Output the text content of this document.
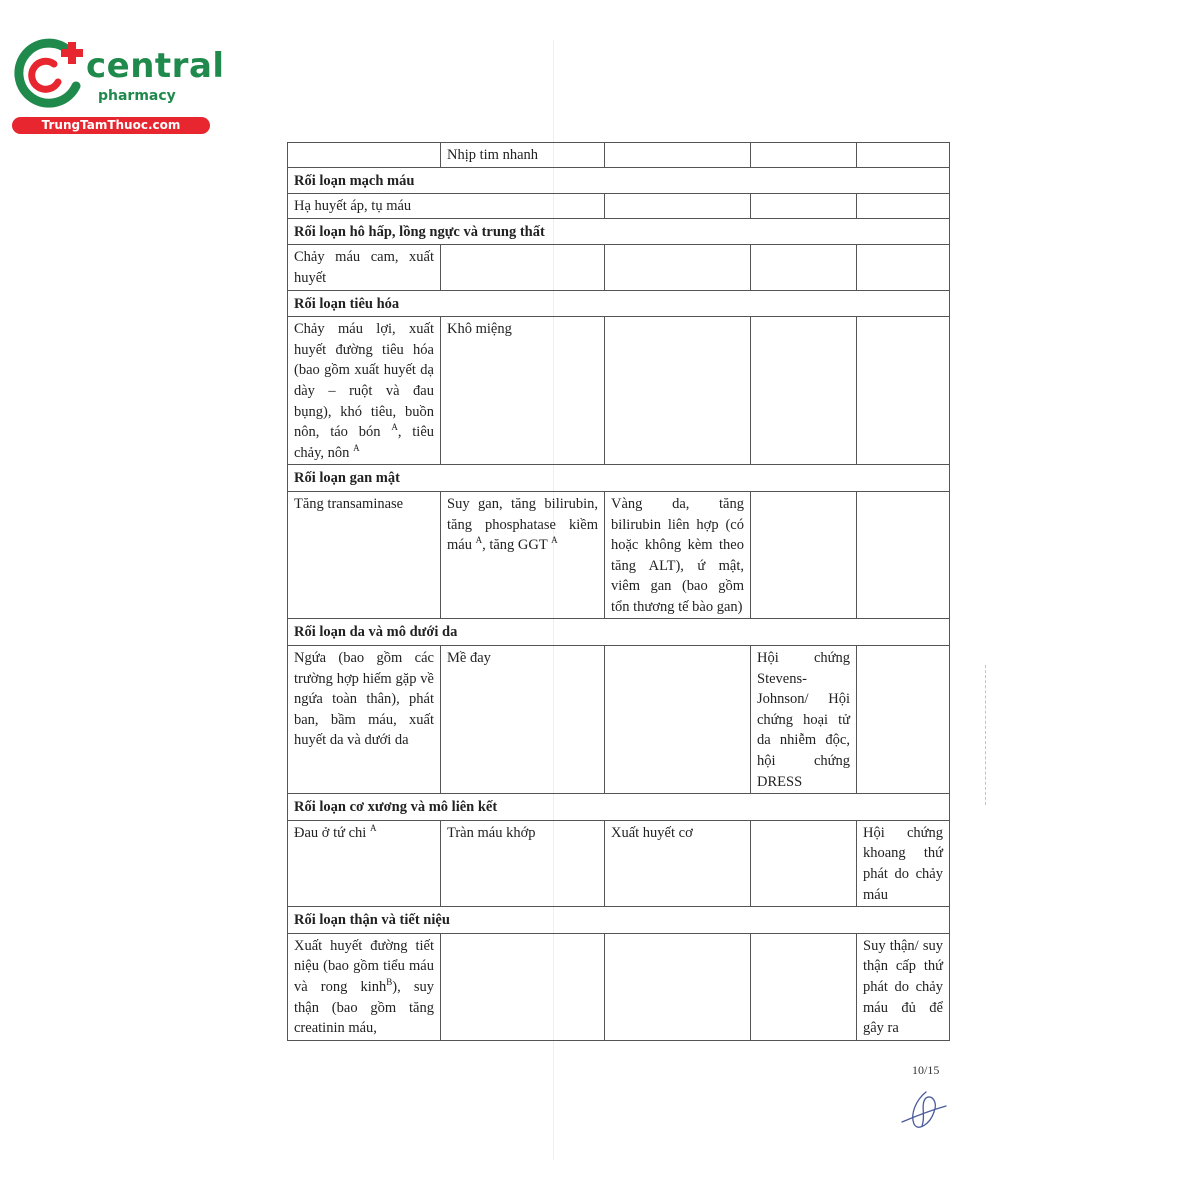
central
pharmacy
TrungTamThuoc.com
	Nhịp tim nhanh			
Rối loạn mạch máu				
Hạ huyết áp, tụ máu				
Rối loạn hô hấp, lồng ngực và trung thất				
Chảy máu cam, xuất huyết				
Rối loạn tiêu hóa				
Chảy máu lợi, xuất huyết đường tiêu hóa (bao gồm xuất huyết dạ dày – ruột và đau bụng), khó tiêu, buồn nôn, táo bón $^A$, tiêu chảy, nôn $^A$	Khô miệng			
Rối loạn gan mật				
Tăng transaminase	Suy gan, tăng bilirubin, tăng phosphatase kiềm máu $^A$, tăng GGT $^A$	Vàng da, tăng bilirubin liên hợp (có hoặc không kèm theo tăng ALT), ứ mật, viêm gan (bao gồm tổn thương tế bào gan)		
Rối loạn da và mô dưới da				
Ngứa (bao gồm các trường hợp hiếm gặp về ngứa toàn thân), phát ban, bầm máu, xuất huyết da và dưới da	Mề đay		Hội chứng Stevens-Johnson/ Hội chứng hoại tử da nhiễm độc, hội chứng DRESS	
Rối loạn cơ xương và mô liên kết				
Đau ở tứ chi $^A$	Tràn máu khớp	Xuất huyết cơ		Hội chứng khoang thứ phát do chảy máu
Rối loạn thận và tiết niệu				
Xuất huyết đường tiết niệu (bao gồm tiểu máu và rong kinh$^B$), suy thận (bao gồm tăng creatinin máu,				Suy thận/ suy thận cấp thứ phát do chảy máu đủ để gây ra
10/15
